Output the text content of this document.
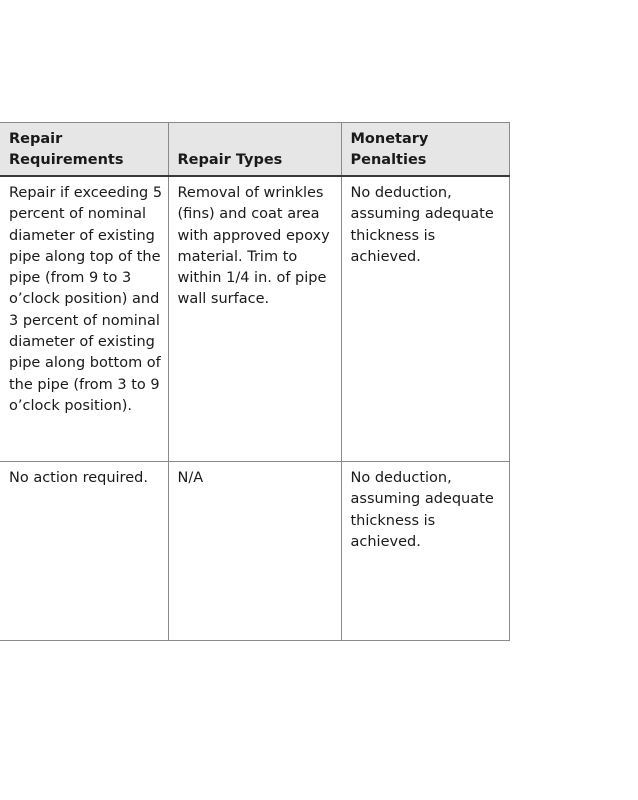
Repair Requirements	Repair Types	Monetary Penalties

Repair if exceeding 5 percent of nominal diameter of existing pipe along top of the pipe (from 9 to 3 o’clock position) and 3 percent of nominal diameter of existing pipe along bottom of the pipe (from 3 to 9 o’clock position).	Removal of wrinkles (fins) and coat area with approved epoxy material. Trim to within 1/4 in. of pipe wall surface.	No deduction, assuming adequate thickness is achieved.

No action required.	N/A	No deduction, assuming adequate thickness is achieved.
